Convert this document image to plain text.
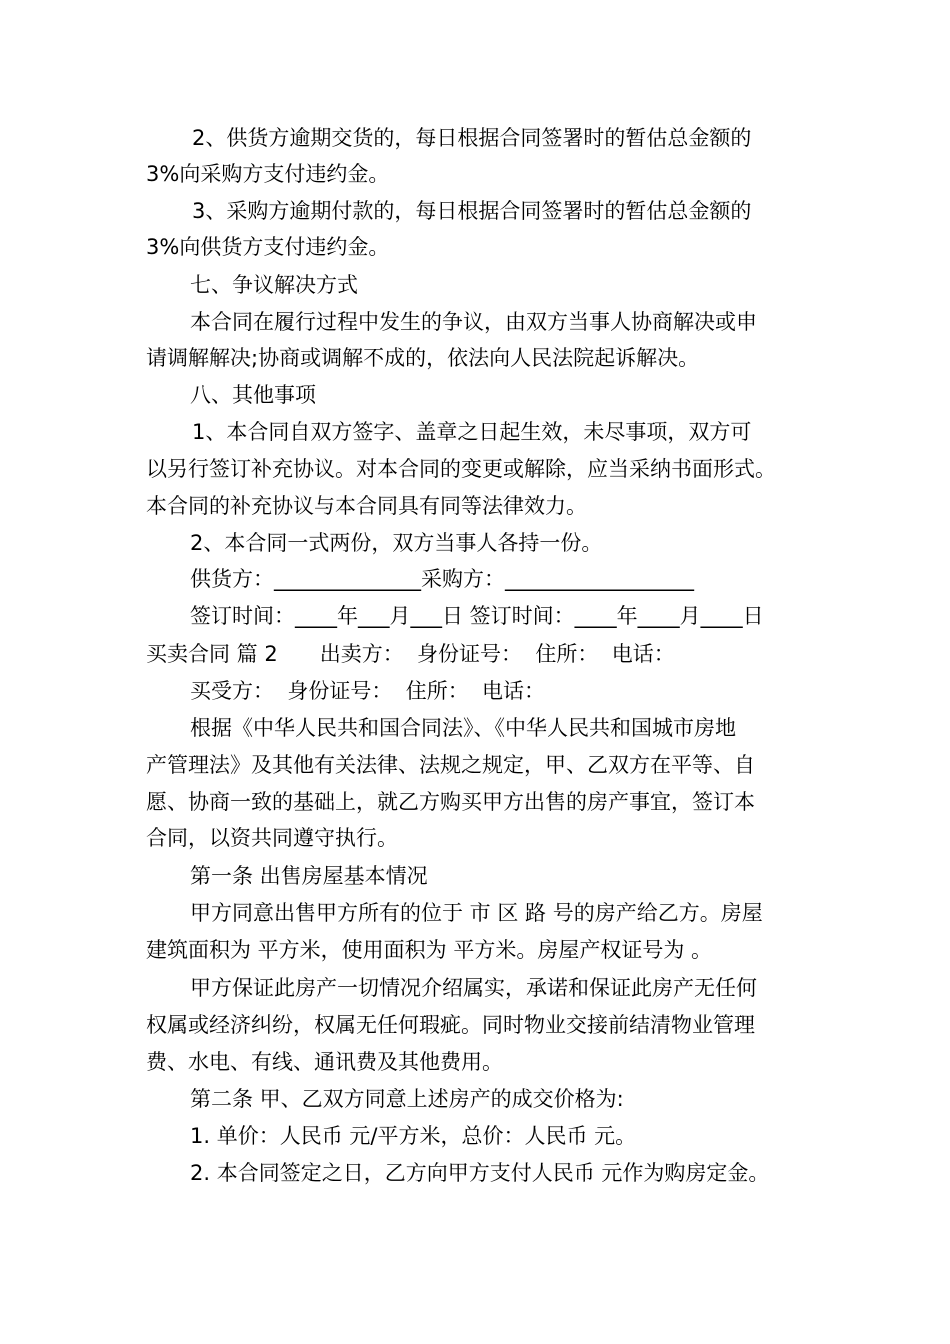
2、供货方逾期交货的，每日根据合同签署时的暂估总金额的
3%向采购方支付违约金。
3、采购方逾期付款的，每日根据合同签署时的暂估总金额的
3%向供货方支付违约金。
七、争议解决方式
本合同在履行过程中发生的争议，由双方当事人协商解决或申
请调解解决;协商或调解不成的，依法向人民法院起诉解决。
八、其他事项
1、本合同自双方签字、盖章之日起生效，未尽事项，双方可
以另行签订补充协议。对本合同的变更或解除，应当采纳书面形式。
本合同的补充协议与本合同具有同等法律效力。
2、本合同一式两份，双方当事人各持一份。
供货方：______________采购方：__________________
签订时间：____年___月___日 签订时间：____年____月____日
买卖合同 篇 2　　出卖方：  身份证号：  住所：  电话：
买受方：  身份证号：  住所：  电话：
根据《中华人民共和国合同法》、《中华人民共和国城市房地
产管理法》及其他有关法律、法规之规定，甲、乙双方在平等、自
愿、协商一致的基础上，就乙方购买甲方出售的房产事宜，签订本
合同，以资共同遵守执行。
第一条 出售房屋基本情况
甲方同意出售甲方所有的位于 市 区 路 号的房产给乙方。房屋
建筑面积为 平方米，使用面积为 平方米。房屋产权证号为 。
甲方保证此房产一切情况介绍属实，承诺和保证此房产无任何
权属或经济纠纷，权属无任何瑕疵。同时物业交接前结清物业管理
费、水电、有线、通讯费及其他费用。
第二条 甲、乙双方同意上述房产的成交价格为:
1. 单价：人民币 元/平方米，总价：人民币 元。
2. 本合同签定之日，乙方向甲方支付人民币 元作为购房定金。
